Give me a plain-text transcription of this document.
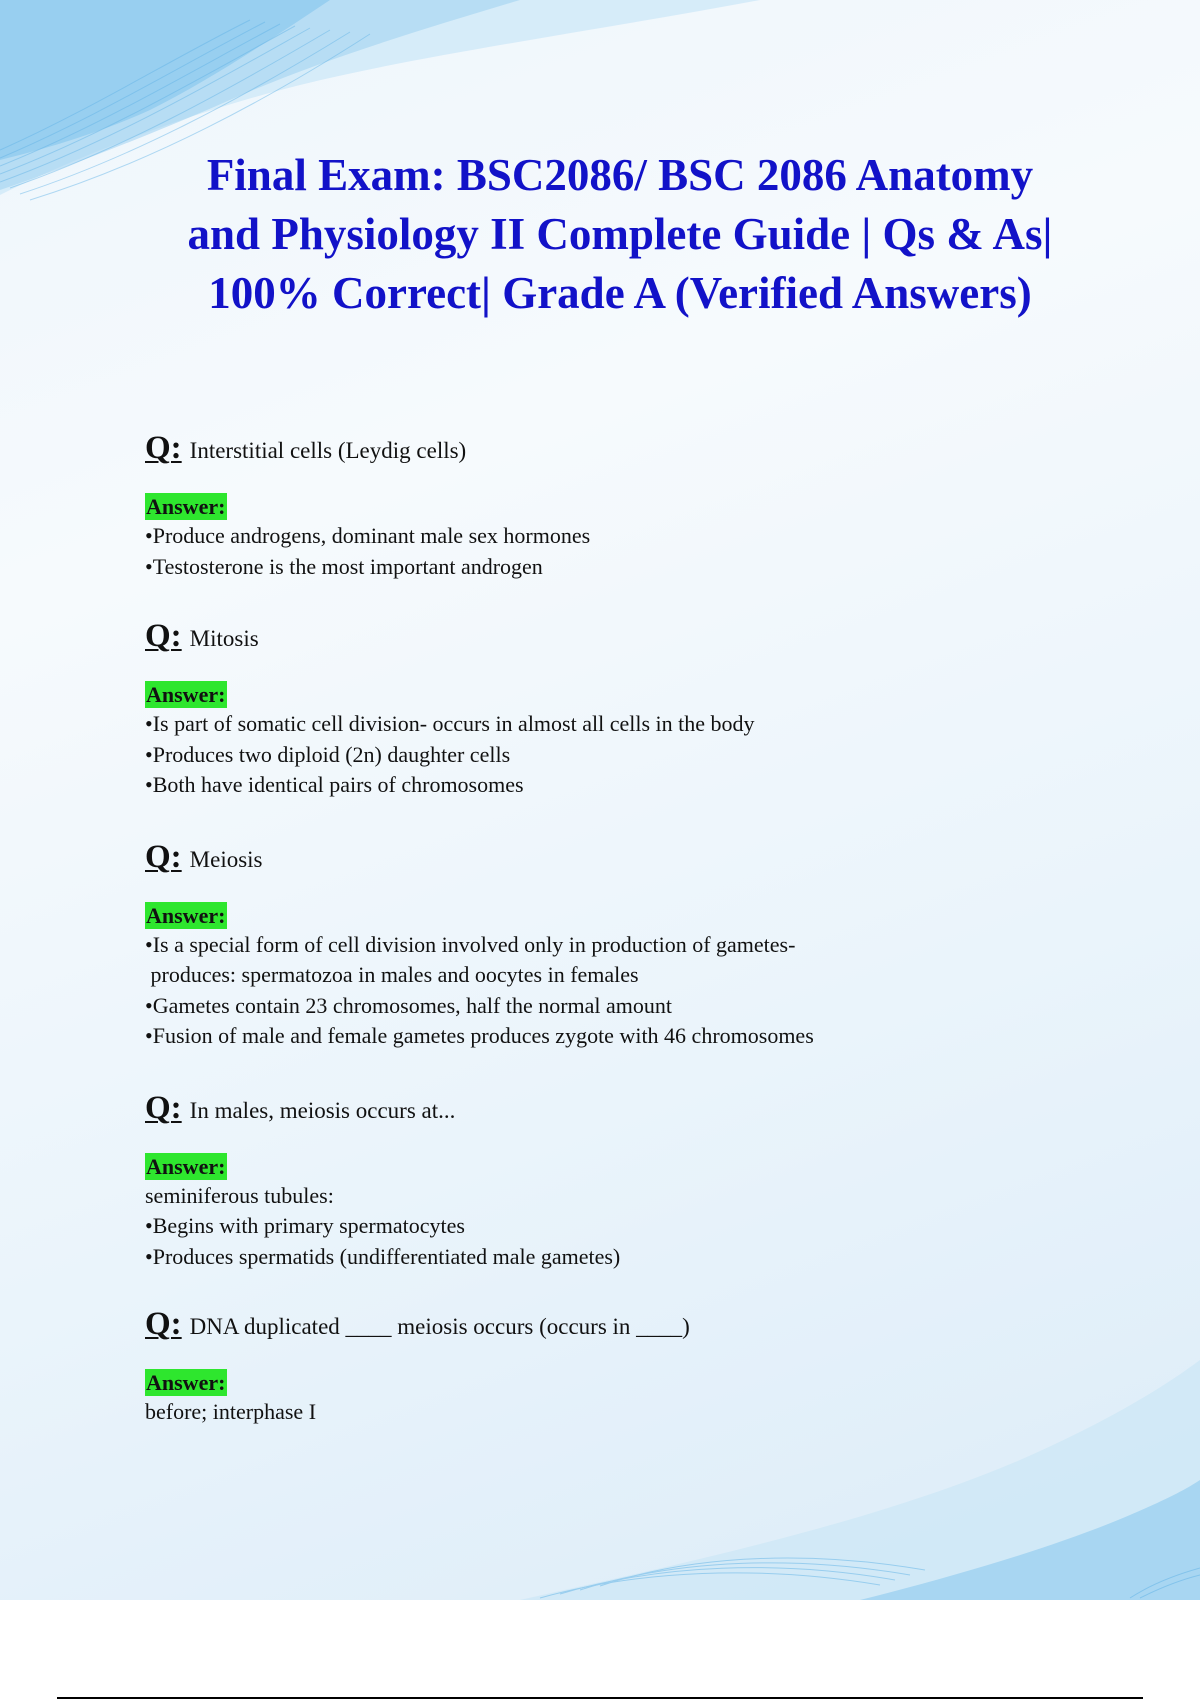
Final Exam: BSC2086/ BSC 2086 Anatomy
and Physiology II Complete Guide | Qs & As|
100% Correct| Grade A (Verified Answers)

Q: Interstitial cells (Leydig cells)

Answer:
•Produce androgens, dominant male sex hormones
•Testosterone is the most important androgen

Q: Mitosis

Answer:
•Is part of somatic cell division- occurs in almost all cells in the body
•Produces two diploid (2n) daughter cells
•Both have identical pairs of chromosomes

Q: Meiosis

Answer:
•Is a special form of cell division involved only in production of gametes-
produces: spermatozoa in males and oocytes in females
•Gametes contain 23 chromosomes, half the normal amount
•Fusion of male and female gametes produces zygote with 46 chromosomes

Q: In males, meiosis occurs at...

Answer:
seminiferous tubules:
•Begins with primary spermatocytes
•Produces spermatids (undifferentiated male gametes)

Q: DNA duplicated ____ meiosis occurs (occurs in ____)

Answer:
before; interphase I
